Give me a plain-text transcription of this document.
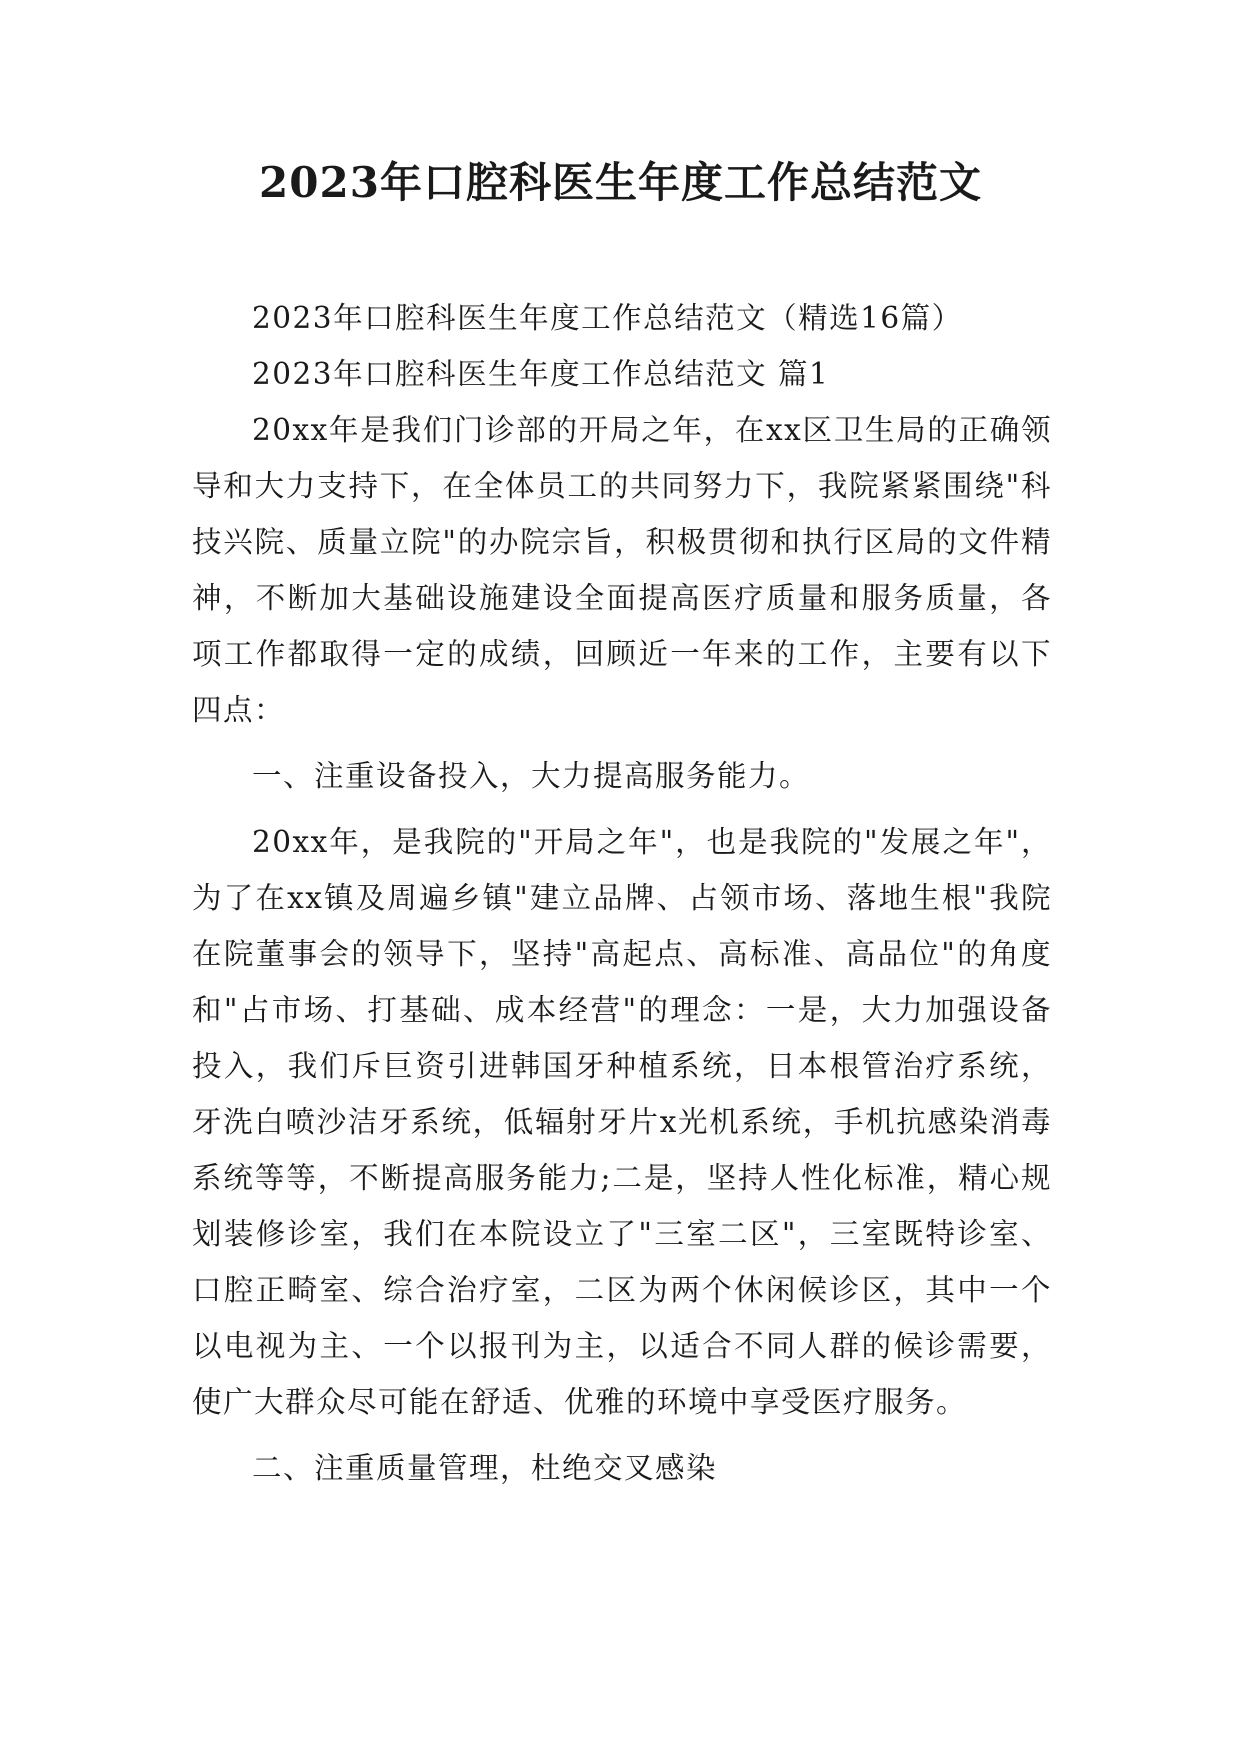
2023年口腔科医生年度工作总结范文

2023年口腔科医生年度工作总结范文（精选16篇）

2023年口腔科医生年度工作总结范文 篇1

20xx年是我们门诊部的开局之年，在xx区卫生局的正确领导和大力支持下，在全体员工的共同努力下，我院紧紧围绕"科技兴院、质量立院"的办院宗旨，积极贯彻和执行区局的文件精神，不断加大基础设施建设全面提高医疗质量和服务质量，各项工作都取得一定的成绩，回顾近一年来的工作，主要有以下四点：

一、注重设备投入，大力提高服务能力。

20xx年，是我院的"开局之年"，也是我院的"发展之年"，为了在xx镇及周遍乡镇"建立品牌、占领市场、落地生根"我院在院董事会的领导下，坚持"高起点、高标准、高品位"的角度和"占市场、打基础、成本经营"的理念：一是，大力加强设备投入，我们斥巨资引进韩国牙种植系统，日本根管治疗系统，牙洗白喷沙洁牙系统，低辐射牙片x光机系统，手机抗感染消毒系统等等，不断提高服务能力;二是，坚持人性化标准，精心规划装修诊室，我们在本院设立了"三室二区"，三室既特诊室、口腔正畸室、综合治疗室，二区为两个休闲候诊区，其中一个以电视为主、一个以报刊为主，以适合不同人群的候诊需要，使广大群众尽可能在舒适、优雅的环境中享受医疗服务。

二、注重质量管理，杜绝交叉感染
